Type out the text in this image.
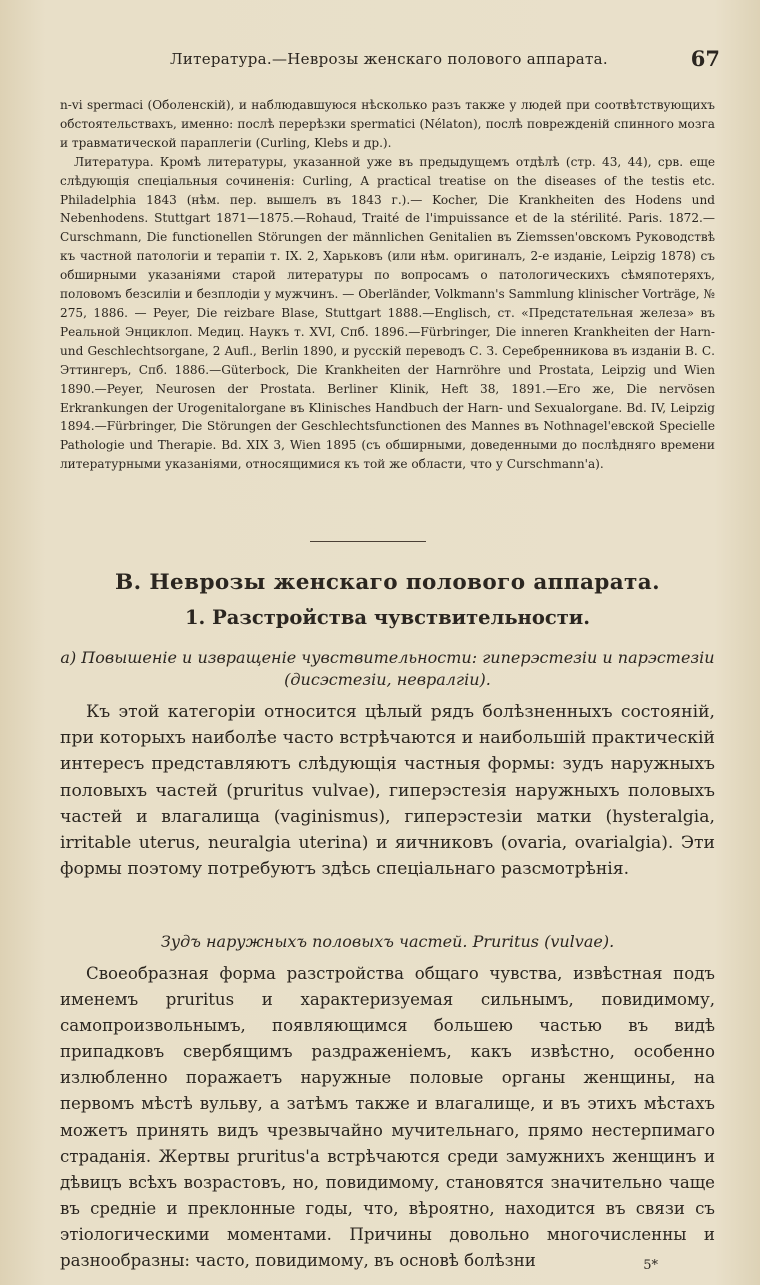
Литература.—Неврозы женскаго полового аппарата.	67

n-vi spermaci (Оболенскій), и наблюдавшуюся нѣсколько разъ также у людей при соотвѣтствующихъ обстоятельствахъ, именно: послѣ перерѣзки spermatici (Nélaton), послѣ поврежденій спинного мозга и травматической параплегіи (Curling, Klebs и др.).

Литература. Кромѣ литературы, указанной уже въ предыдущемъ отдѣлѣ (стр. 43, 44), срв. еще слѣдующія спеціальныя сочиненія: Curling, A practical treatise on the diseases of the testis etc. Philadelphia 1843 (нѣм. пер. вышелъ въ 1843 г.).— Kocher, Die Krankheiten des Hodens und Nebenhodens. Stuttgart 1871—1875.—Rohaud, Traité de l'impuissance et de la stérilité. Paris. 1872.—Curschmann, Die functionellen Störungen der männlichen Genitalien въ Ziemssen'овскомъ Руководствѣ къ частной патологіи и терапіи т. IX. 2, Харьковъ (или нѣм. оригиналъ, 2-е изданіе, Leipzig 1878) съ обширными указаніями старой литературы по вопросамъ о патологическихъ сѣмяпотеряхъ, половомъ безсиліи и безплодіи у мужчинъ. — Oberländer, Volkmann's Sammlung klinischer Vorträge, № 275, 1886. — Peyer, Die reizbare Blase, Stuttgart 1888.—Englisch, ст. «Предстательная железа» въ Реальной Энциклоп. Медиц. Наукъ т. XVI, Спб. 1896.—Fürbringer, Die inneren Krankheiten der Harn- und Geschlechtsorgane, 2 Aufl., Berlin 1890, и русскій переводъ С. З. Серебренникова въ изданіи В. С. Эттингеръ, Спб. 1886.—Güterbock, Die Krankheiten der Harnröhre und Prostata, Leipzig und Wien 1890.—Peyer, Neurosen der Prostata. Berliner Klinik, Heft 38, 1891.—Его же, Die nervösen Erkrankungen der Urogenitalorgane въ Klinisches Handbuch der Harn- und Sexualorgane. Bd. IV, Leipzig 1894.—Fürbringer, Die Störungen der Geschlechtsfunctionen des Mannes въ Nothnagel'евской Specielle Pathologie und Therapie. Bd. XIX 3, Wien 1895 (съ обширными, доведенными до послѣдняго времени литературными указаніями, относящимися къ той же области, что у Curschmann'а).

В. Неврозы женскаго полового аппарата.
1. Разстройства чувствительности.
а) Повышеніе и извращеніе чувствительности: гиперэстезіи и парэстезіи
(дисэстезіи, невралгіи).

Къ этой категоріи относится цѣлый рядъ болѣзненныхъ состояній, при которыхъ наиболѣе часто встрѣчаются и наибольшій практическій интересъ представляютъ слѣдующія частныя формы: зудъ наружныхъ половыхъ частей (pruritus vulvae), гиперэстезія наружныхъ половыхъ частей и влагалища (vaginismus), гиперэстезіи матки (hysteralgia, irritable uterus, neuralgia uterina) и яичниковъ (ovaria, ovarialgia). Эти формы поэтому потребуютъ здѣсь спеціальнаго разсмотрѣнія.

Зудъ наружныхъ половыхъ частей. Pruritus (vulvae).

Своеобразная форма разстройства общаго чувства, извѣстная подъ именемъ pruritus и характеризуемая сильнымъ, повидимому, самопроизвольнымъ, появляющимся большею частью въ видѣ припадковъ свербящимъ раздраженіемъ, какъ извѣстно, особенно излюбленно поражаетъ наружные половые органы женщины, на первомъ мѣстѣ вульву, а затѣмъ также и влагалище, и въ этихъ мѣстахъ можетъ принять видъ чрезвычайно мучительнаго, прямо нестерпимаго страданія. Жертвы pruritus'а встрѣчаются среди замужнихъ женщинъ и дѣвицъ всѣхъ возрастовъ, но, повидимому, становятся значительно чаще въ средніе и преклонные годы, что, вѣроятно, находится въ связи съ этіологическими моментами. Причины довольно многочисленны и разнообразны: часто, повидимому, въ основѣ болѣзни	5*
